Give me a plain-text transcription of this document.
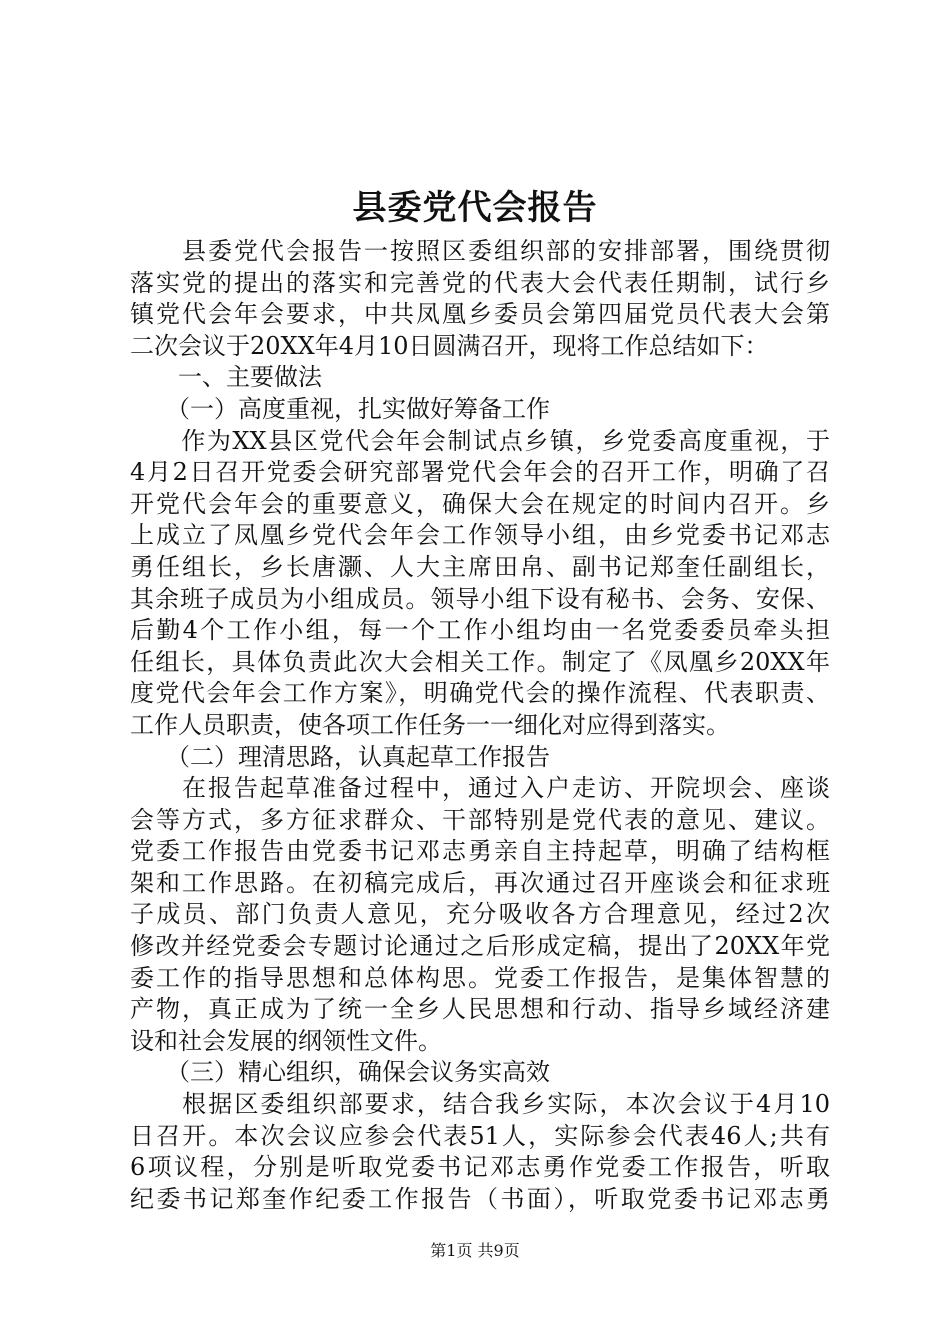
县委党代会报告
　　县委党代会报告一按照区委组织部的安排部署，围绕贯彻
落实党的提出的落实和完善党的代表大会代表任期制，试行乡
镇党代会年会要求，中共凤凰乡委员会第四届党员代表大会第
二次会议于20XX年4月10日圆满召开，现将工作总结如下：
　　一、主要做法
　　（一）高度重视，扎实做好筹备工作
　　作为XX县区党代会年会制试点乡镇，乡党委高度重视，于
4月2日召开党委会研究部署党代会年会的召开工作，明确了召
开党代会年会的重要意义，确保大会在规定的时间内召开。乡
上成立了凤凰乡党代会年会工作领导小组，由乡党委书记邓志
勇任组长，乡长唐灏、人大主席田帛、副书记郑奎任副组长，
其余班子成员为小组成员。领导小组下设有秘书、会务、安保、
后勤4个工作小组，每一个工作小组均由一名党委委员牵头担
任组长，具体负责此次大会相关工作。制定了《凤凰乡20XX年
度党代会年会工作方案》，明确党代会的操作流程、代表职责、
工作人员职责，使各项工作任务一一细化对应得到落实。
　　（二）理清思路，认真起草工作报告
　　在报告起草准备过程中，通过入户走访、开院坝会、座谈
会等方式，多方征求群众、干部特别是党代表的意见、建议。
党委工作报告由党委书记邓志勇亲自主持起草，明确了结构框
架和工作思路。在初稿完成后，再次通过召开座谈会和征求班
子成员、部门负责人意见，充分吸收各方合理意见，经过2次
修改并经党委会专题讨论通过之后形成定稿，提出了20XX年党
委工作的指导思想和总体构思。党委工作报告，是集体智慧的
产物，真正成为了统一全乡人民思想和行动、指导乡域经济建
设和社会发展的纲领性文件。
　　（三）精心组织，确保会议务实高效
　　根据区委组织部要求，结合我乡实际，本次会议于4月10
日召开。本次会议应参会代表51人，实际参会代表46人;共有
6项议程，分别是听取党委书记邓志勇作党委工作报告，听取
纪委书记郑奎作纪委工作报告（书面），听取党委书记邓志勇
第1页 共9页
